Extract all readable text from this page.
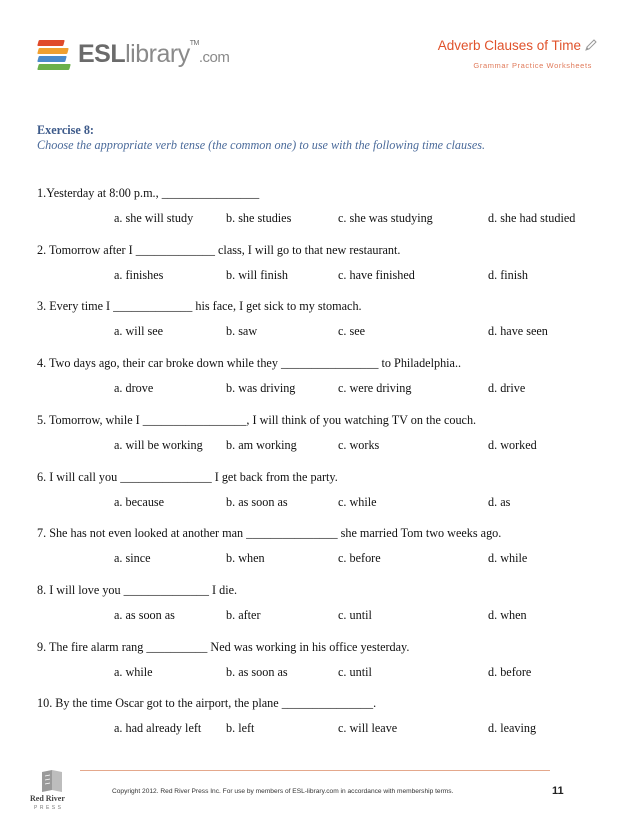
ESLlibrary™.com
Adverb Clauses of Time
Grammar Practice Worksheets
Exercise 8:
Choose the appropriate verb tense (the common one) to use with the following time clauses.
1.Yesterday at 8:00 p.m., ________________
a. she will study	b. she studies	c. she was studying	d. she had studied
2. Tomorrow after I _____________ class, I will go to that new restaurant.
a. finishes	b. will finish	c. have finished	d. finish
3. Every time I _____________ his face, I get sick to my stomach.
a. will see	b. saw	c. see	d. have seen
4. Two days ago, their car broke down while they ________________ to Philadelphia..
a. drove	b. was driving	c. were driving	d. drive
5. Tomorrow, while I _________________, I will think of you watching TV on the couch.
a. will be working b. am working	c. works	d. worked
6. I will call you _______________ I get back from the party.
a. because	b. as soon as	c. while	d. as
7. She has not even looked at another man _______________ she married Tom two weeks ago.
a. since	b. when	c. before	d. while
8. I will love you ______________ I die.
a. as soon as	b. after	c. until	d. when
9. The fire alarm rang __________ Ned was working in his office yesterday.
a. while	b. as soon as	c. until	d. before
10. By the time Oscar got to the airport, the plane _______________.
a. had already left b. left	c. will leave	d. leaving
Red River
PRESS
Copyright 2012. Red River Press Inc. For use by members of ESL-library.com in accordance with membership terms.	11
